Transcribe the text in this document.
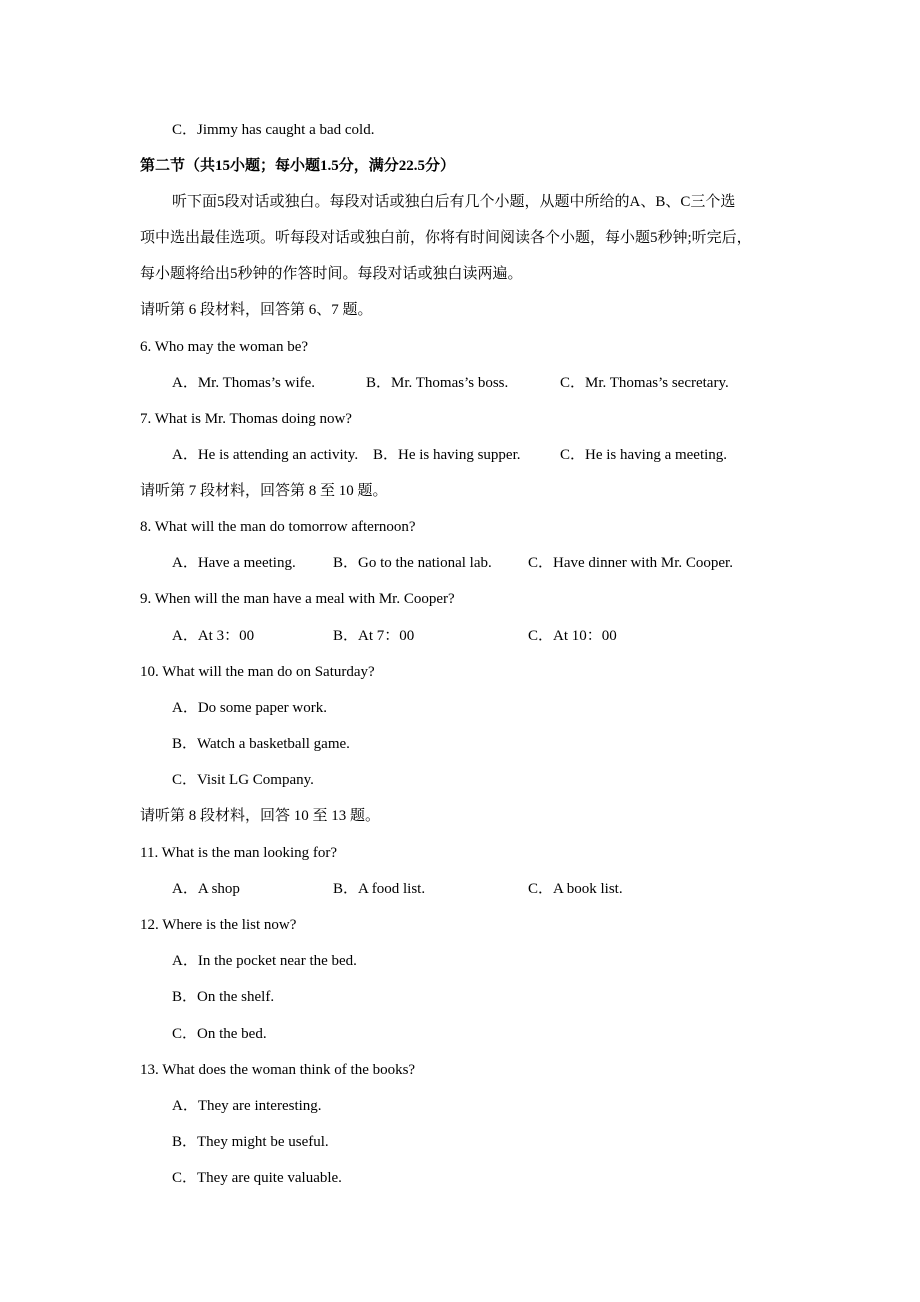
C．Jimmy has caught a bad cold.
第二节（共15小题；每小题1.5分，满分22.5分）
听下面5段对话或独白。每段对话或独白后有几个小题，从题中所给的A、B、C三个选
项中选出最佳选项。听每段对话或独白前，你将有时间阅读各个小题，每小题5秒钟;听完后，
每小题将给出5秒钟的作答时间。每段对话或独白读两遍。
请听第 6 段材料，回答第 6、7 题。
6. Who may the woman be?
A．Mr. Thomas’s wife.	B．Mr. Thomas’s boss.	C．Mr. Thomas’s secretary.
7. What is Mr. Thomas doing now?
A．He is attending an activity. B．He is having supper.	C．He is having a meeting.
请听第 7 段材料，回答第 8 至 10 题。
8. What will the man do tomorrow afternoon?
A．Have a meeting. B．Go to the national lab. C．Have dinner with Mr. Cooper.
9. When will the man have a meal with Mr. Cooper?
A．At 3：00	B．At 7：00	C．At 10：00
10. What will the man do on Saturday?
A．Do some paper work.
B．Watch a basketball game.
C．Visit LG Company.
请听第 8 段材料，回答 10 至 13 题。
11. What is the man looking for?
A．A shop	B．A food list.	C．A book list.
12. Where is the list now?
A．In the pocket near the bed.
B．On the shelf.
C．On the bed.
13. What does the woman think of the books?
A．They are interesting.
B．They might be useful.
C．They are quite valuable.
